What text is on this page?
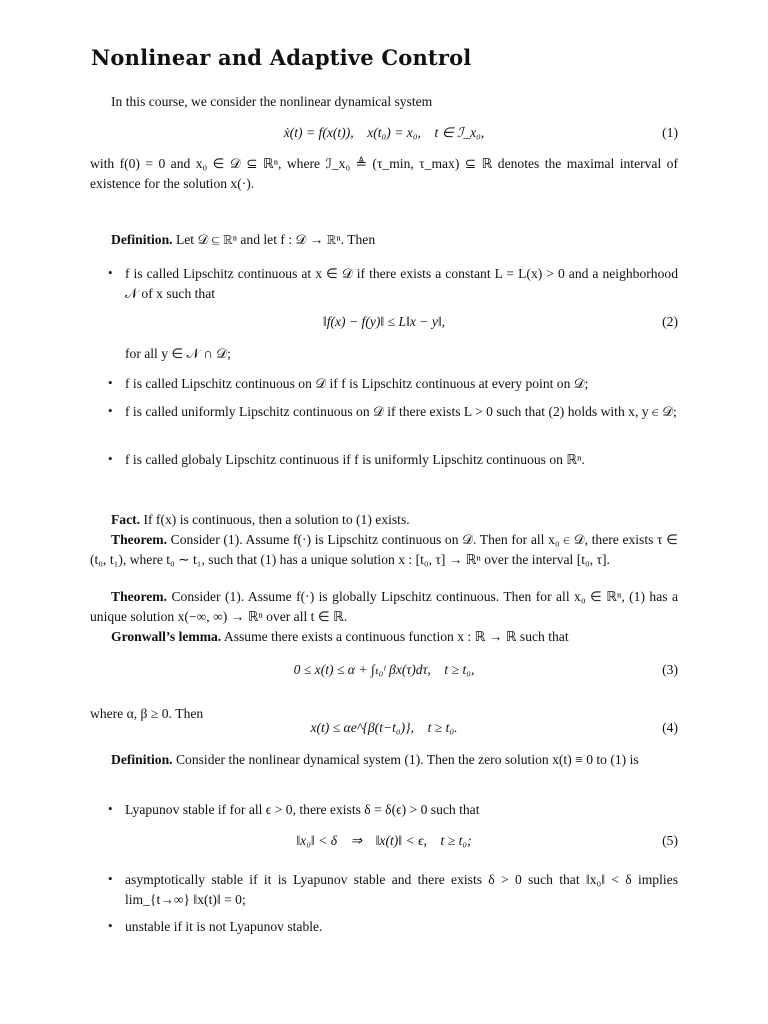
Nonlinear and Adaptive Control
In this course, we consider the nonlinear dynamical system
ẋ(t) = f(x(t)),    x(t₀) = x₀,    t ∈ ℐ_x₀,	(1)
with f(0) = 0 and x₀ ∈ 𝒟 ⊆ ℝⁿ, where ℐ_x₀ ≜ (τ_min, τ_max) ⊆ ℝ denotes the maximal interval of existence for the solution x(·).
Definition. Let 𝒟 ⊆ ℝⁿ and let f : 𝒟 → ℝⁿ. Then
• f is called Lipschitz continuous at x ∈ 𝒟 if there exists a constant L = L(x) > 0 and a neighborhood 𝒩 of x such that
‖f(x) − f(y)‖ ≤ L‖x − y‖,	(2)
for all y ∈ 𝒩 ∩ 𝒟;
• f is called Lipschitz continuous on 𝒟 if f is Lipschitz continuous at every point on 𝒟;
• f is called uniformly Lipschitz continuous on 𝒟 if there exists L > 0 such that (2) holds with x, y ∈ 𝒟;
• f is called globaly Lipschitz continuous if f is uniformly Lipschitz continuous on ℝⁿ.
Fact. If f(x) is continuous, then a solution to (1) exists.
Theorem. Consider (1). Assume f(·) is Lipschitz continuous on 𝒟. Then for all x₀ ∈ 𝒟, there exists τ ∈ (t₀, t₁), where t₀ ∼ t₁, such that (1) has a unique solution x : [t₀, τ] → ℝⁿ over the interval [t₀, τ].
Theorem. Consider (1). Assume f(·) is globally Lipschitz continuous. Then for all x₀ ∈ ℝⁿ, (1) has a unique solution x(−∞, ∞) → ℝⁿ over all t ∈ ℝ.
Gronwall’s lemma. Assume there exists a continuous function x : ℝ → ℝ such that
0 ≤ x(t) ≤ α + ∫ₜ₀ᵗ βx(τ)dτ,    t ≥ t₀,	(3)
where α, β ≥ 0. Then
x(t) ≤ αe^{β(t−t₀)},    t ≥ t₀.	(4)
Definition. Consider the nonlinear dynamical system (1). Then the zero solution x(t) ≡ 0 to (1) is
• Lyapunov stable if for all ϵ > 0, there exists δ = δ(ϵ) > 0 such that
‖x₀‖ < δ    ⇒    ‖x(t)‖ < ϵ,    t ≥ t₀;	(5)
• asymptotically stable if it is Lyapunov stable and there exists δ > 0 such that ‖x₀‖ < δ implies lim_{t→∞} ‖x(t)‖ = 0;
• unstable if it is not Lyapunov stable.
